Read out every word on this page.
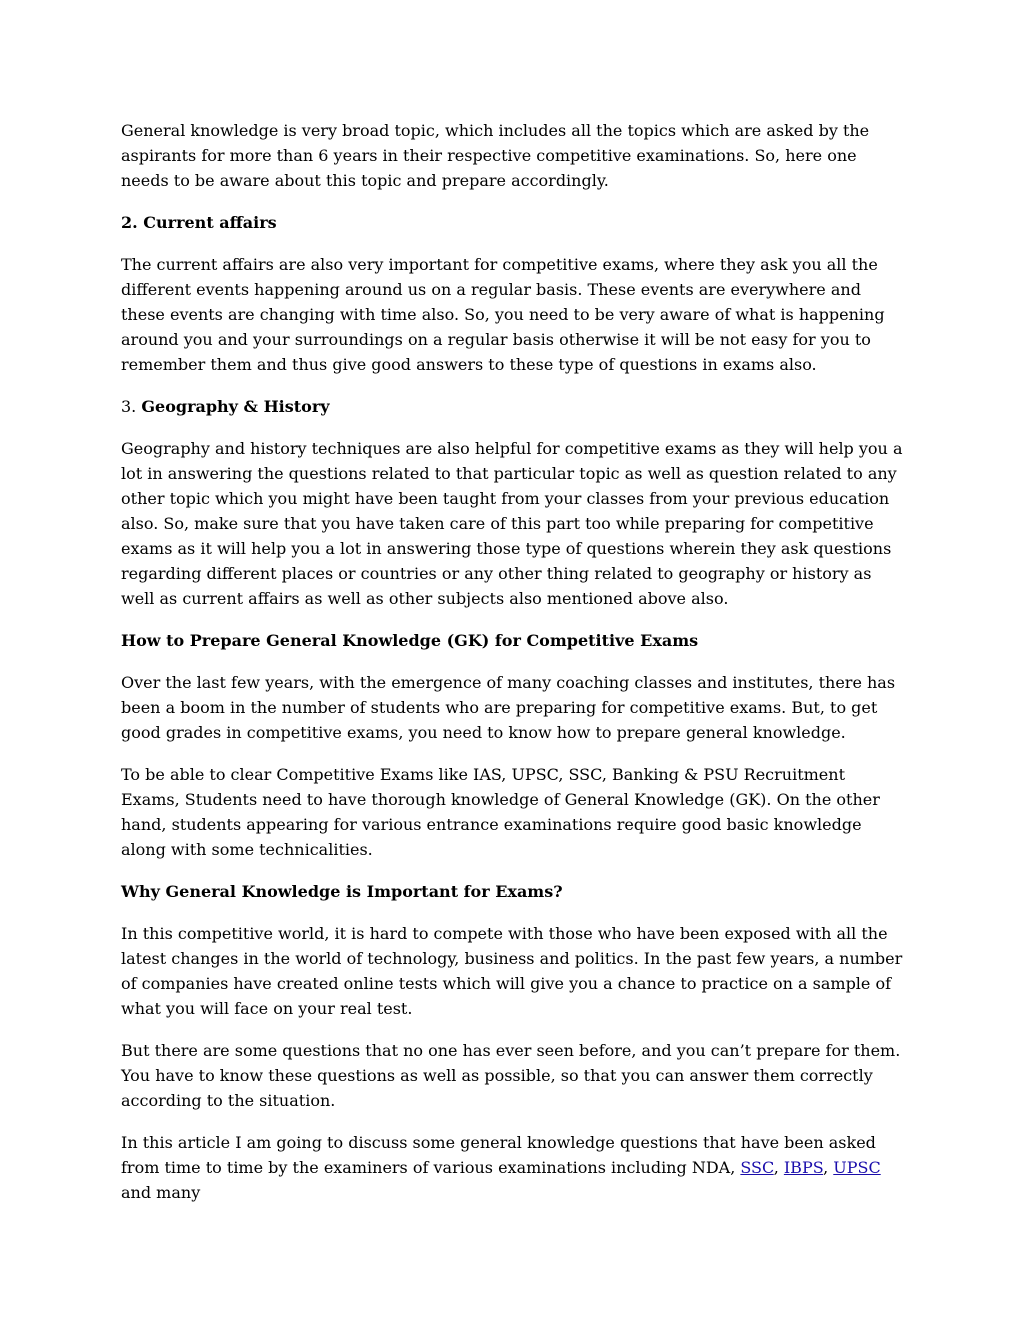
General knowledge is very broad topic, which includes all the topics which are asked by the aspirants for more than 6 years in their respective competitive examinations. So, here one needs to be aware about this topic and prepare accordingly.

2. Current affairs

The current affairs are also very important for competitive exams, where they ask you all the different events happening around us on a regular basis. These events are everywhere and these events are changing with time also. So, you need to be very aware of what is happening around you and your surroundings on a regular basis otherwise it will be not easy for you to remember them and thus give good answers to these type of questions in exams also.

3. Geography & History

Geography and history techniques are also helpful for competitive exams as they will help you a lot in answering the questions related to that particular topic as well as question related to any other topic which you might have been taught from your classes from your previous education also. So, make sure that you have taken care of this part too while preparing for competitive exams as it will help you a lot in answering those type of questions wherein they ask questions regarding different places or countries or any other thing related to geography or history as well as current affairs as well as other subjects also mentioned above also.

How to Prepare General Knowledge (GK) for Competitive Exams

Over the last few years, with the emergence of many coaching classes and institutes, there has been a boom in the number of students who are preparing for competitive exams. But, to get good grades in competitive exams, you need to know how to prepare general knowledge.

To be able to clear Competitive Exams like IAS, UPSC, SSC, Banking & PSU Recruitment Exams, Students need to have thorough knowledge of General Knowledge (GK). On the other hand, students appearing for various entrance examinations require good basic knowledge along with some technicalities.

Why General Knowledge is Important for Exams?

In this competitive world, it is hard to compete with those who have been exposed with all the latest changes in the world of technology, business and politics. In the past few years, a number of companies have created online tests which will give you a chance to practice on a sample of what you will face on your real test.

But there are some questions that no one has ever seen before, and you can’t prepare for them. You have to know these questions as well as possible, so that you can answer them correctly according to the situation.

In this article I am going to discuss some general knowledge questions that have been asked from time to time by the examiners of various examinations including NDA, SSC, IBPS, UPSC and many
